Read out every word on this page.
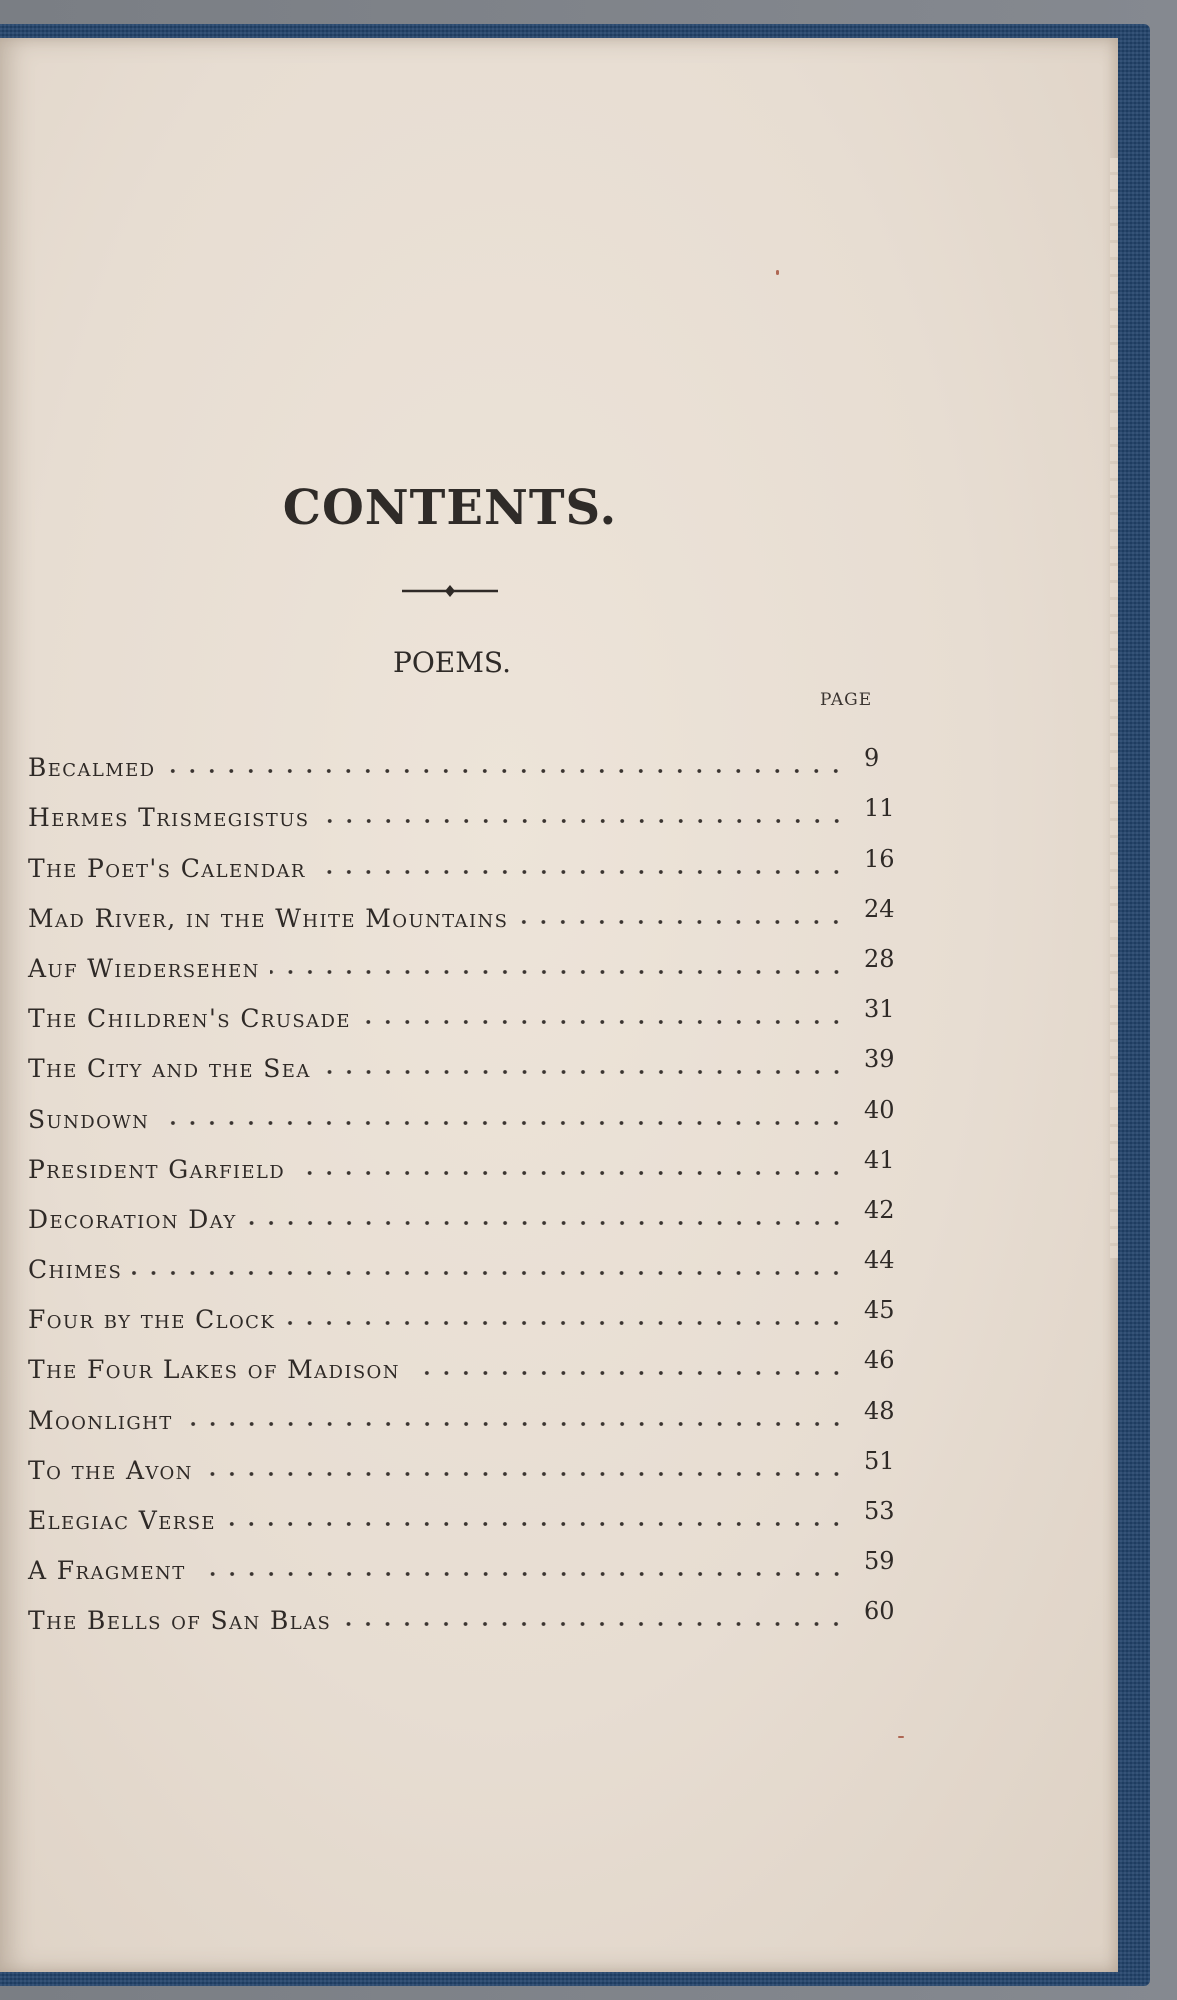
CONTENTS.
POEMS.
PAGE
Becalmed	9
Hermes Trismegistus	11
The Poet's Calendar	16
Mad River, in the White Mountains	24
Auf Wiedersehen	28
The Children's Crusade	31
The City and the Sea	39
Sundown	40
President Garfield	41
Decoration Day	42
Chimes	44
Four by the Clock	45
The Four Lakes of Madison	46
Moonlight	48
To the Avon	51
Elegiac Verse	53
A Fragment	59
The Bells of San Blas	60
